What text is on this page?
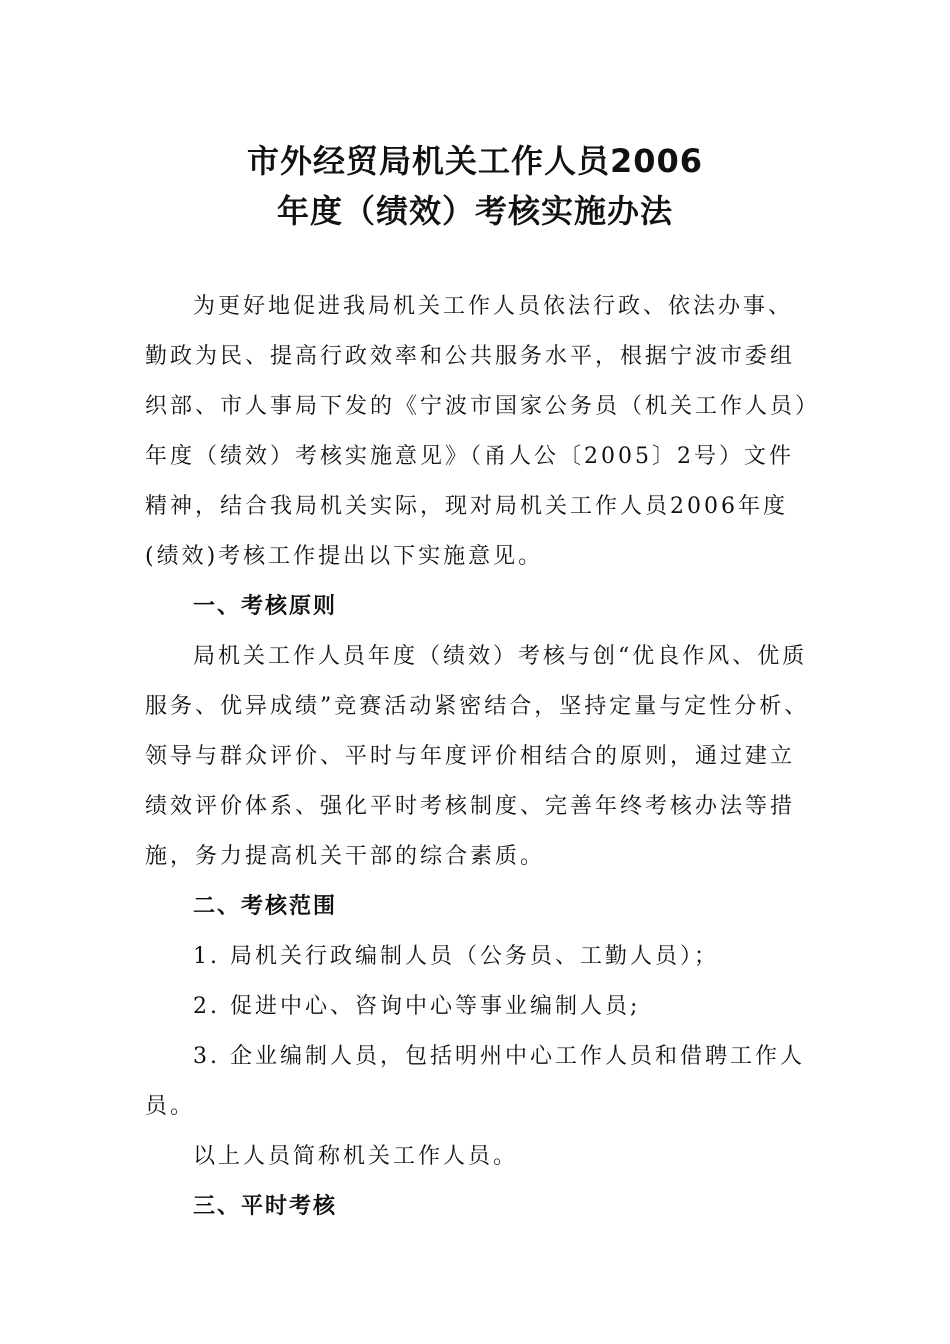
市外经贸局机关工作人员2006
年度（绩效）考核实施办法

为更好地促进我局机关工作人员依法行政、依法办事、勤政为民、提高行政效率和公共服务水平，根据宁波市委组织部、市人事局下发的《宁波市国家公务员（机关工作人员）年度（绩效）考核实施意见》（甬人公〔2005〕2号）文件精神，结合我局机关实际，现对局机关工作人员2006年度(绩效)考核工作提出以下实施意见。

一、考核原则

局机关工作人员年度（绩效）考核与创“优良作风、优质服务、优异成绩”竞赛活动紧密结合，坚持定量与定性分析、领导与群众评价、平时与年度评价相结合的原则，通过建立绩效评价体系、强化平时考核制度、完善年终考核办法等措施，务力提高机关干部的综合素质。

二、考核范围

1. 局机关行政编制人员（公务员、工勤人员）；

2. 促进中心、咨询中心等事业编制人员;

3. 企业编制人员，包括明州中心工作人员和借聘工作人员。

以上人员简称机关工作人员。

三、平时考核
